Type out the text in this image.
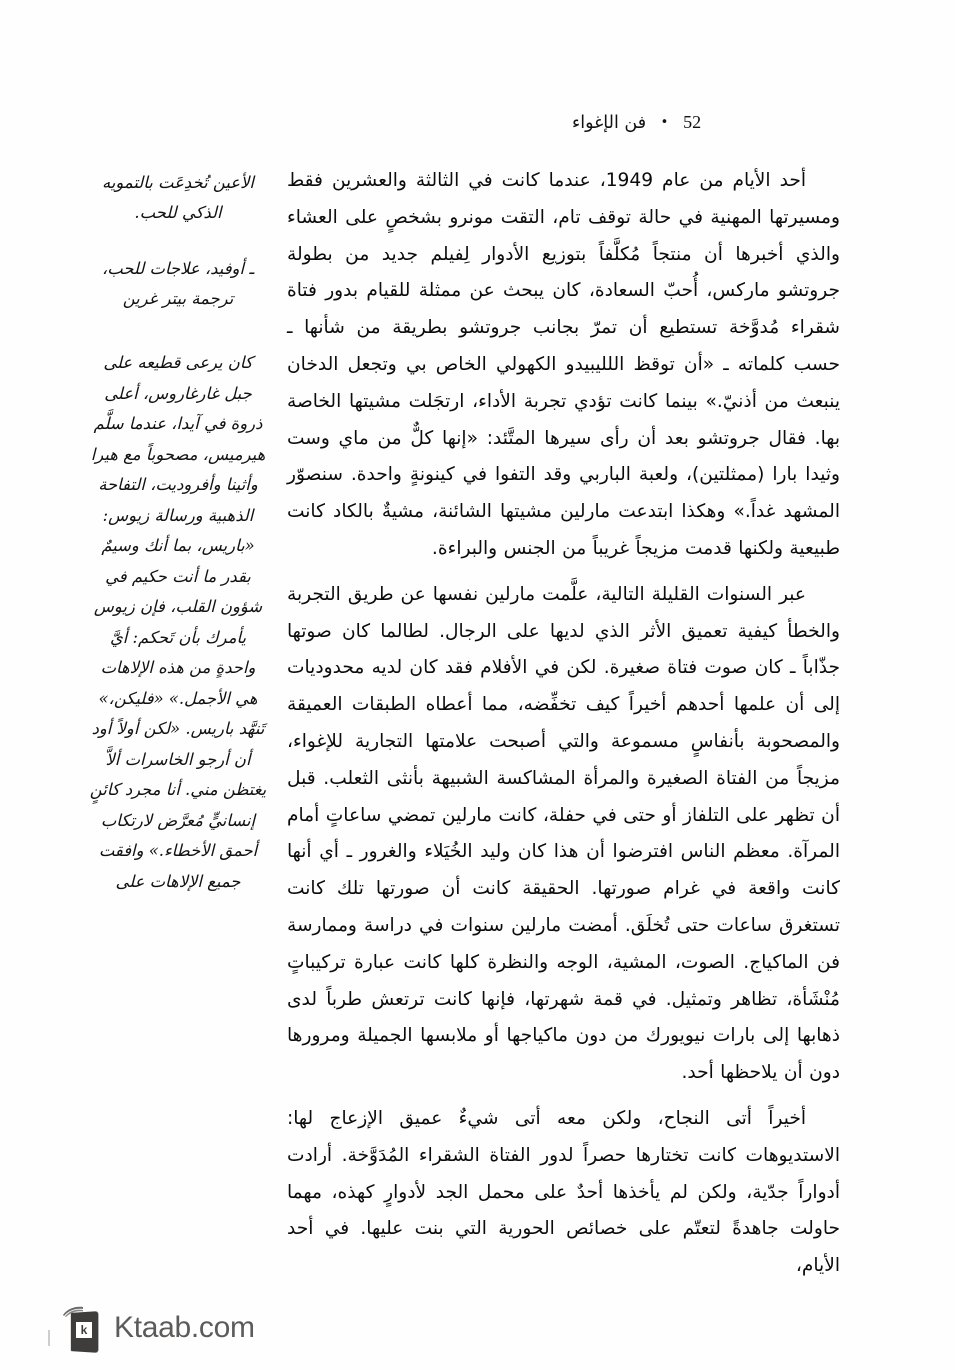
52 • فن الإغواء
الأعين تُخدِعَت بالتمويه الذكي للحب.
ـ أوفيد، علاجات للحب، ترجمة بيتر غرين
كان يرعى قطيعه على جبل غارغاروس، أعلى ذروة في آيدا، عندما سلَّم هيرميس، مصحوباً مع هيرا وأثينا وأفروديت، التفاحة الذهبية ورسالة زيوس: «باريس، بما أنك وسيمٌ بقدر ما أنت حكيم في شؤون القلب، فإن زيوس يأمرك بأن تَحكم: أيَّ واحدةٍ من هذه الإلاهات هي الأجمل.» «فليكن،» تَنهَّد باريس. «لكن أولاً أود أن أرجو الخاسرات ألاَّ يغتظن مني. أنا مجرد كائنٍ إنسانيٍّ مُعرَّض لارتكاب أحمق الأخطاء.» وافقت جميع الإلاهات على

أحد الأيام من عام 1949، عندما كانت في الثالثة والعشرين فقط ومسيرتها المهنية في حالة توقف تام، التقت مونرو بشخصٍ على العشاء والذي أخبرها أن منتجاً مُكلَّفاً بتوزيع الأدوار لِفيلم جديد من بطولة جروتشو ماركس، أُحبّ السعادة، كان يبحث عن ممثلة للقيام بدور فتاة شقراء مُدوَّخة تستطيع أن تمرّ بجانب جروتشو بطريقة من شأنها ـ حسب كلماته ـ «أن توقظ اللليبيدو الكهولي الخاص بي وتجعل الدخان ينبعث من أذنيّ.» بينما كانت تؤدي تجربة الأداء، ارتجَلت مشيتها الخاصة بها. فقال جروتشو بعد أن رأى سيرها المتَّئد: «إنها كلٌّ من ماي وست وثيدا بارا (ممثلتين)، ولعبة الباربي وقد التفوا في كينونةٍ واحدة. سنصوّر المشهد غداً.» وهكذا ابتدعت مارلين مشيتها الشائنة، مشيةٌ بالكاد كانت طبيعية ولكنها قدمت مزيجاً غريباً من الجنس والبراءة.

عبر السنوات القليلة التالية، علَّمت مارلين نفسها عن طريق التجربة والخطأ كيفية تعميق الأثر الذي لديها على الرجال. لطالما كان صوتها جذّاباً ـ كان صوت فتاة صغيرة. لكن في الأفلام فقد كان لديه محدوديات إلى أن علمها أحدهم أخيراً كيف تخفِّضه، مما أعطاه الطبقات العميقة والمصحوبة بأنفاسٍ مسموعة والتي أصبحت علامتها التجارية للإغواء، مزيجاً من الفتاة الصغيرة والمرأة المشاكسة الشبيهة بأنثى الثعلب. قبل أن تظهر على التلفاز أو حتى في حفلة، كانت مارلين تمضي ساعاتٍ أمام المرآة. معظم الناس افترضوا أن هذا كان وليد الخُيَلاء والغرور ـ أي أنها كانت واقعة في غرام صورتها. الحقيقة كانت أن صورتها تلك كانت تستغرق ساعات حتى تُخلَق. أمضت مارلين سنوات في دراسة وممارسة فن الماكياج. الصوت، المشية، الوجه والنظرة كلها كانت عبارة تركيباتٍ مُنْشَأة، تظاهر وتمثيل. في قمة شهرتها، فإنها كانت ترتعش طرباً لدى ذهابها إلى بارات نيويورك من دون ماكياجها أو ملابسها الجميلة ومرورها دون أن يلاحظها أحد.

أخيراً أتى النجاح، ولكن معه أتى شيءٌ عميق الإزعاج لها: الاستديوهات كانت تختارها حصراً لدور الفتاة الشقراء المُدَوَّخة. أرادت أدواراً جدّية، ولكن لم يأخذها أحدٌ على محمل الجد لأدوارٍ كهذه، مهما حاولت جاهدةً لتعتّم على خصائص الحورية التي بنت عليها. في أحد الأيام،

k Ktaab.com
